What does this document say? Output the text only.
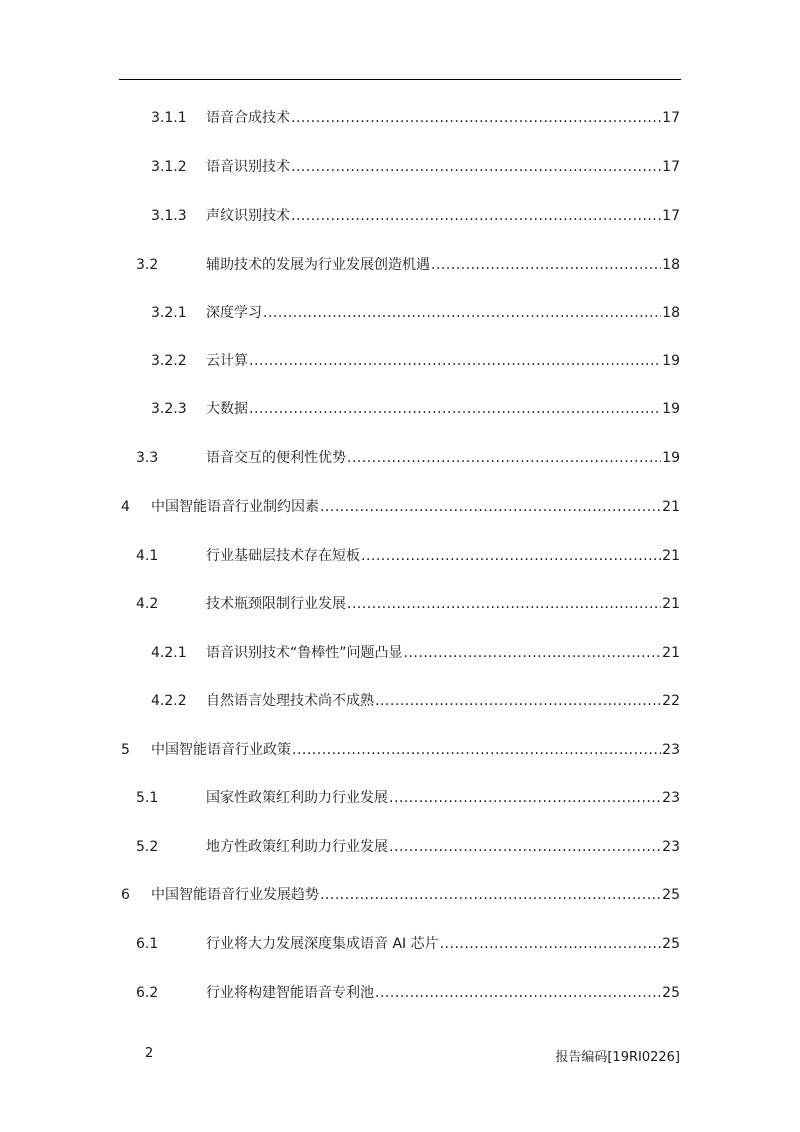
3.1.1 语音合成技术 .....	17
3.1.2 语音识别技术 .....	17
3.1.3 声纹识别技术 .....	17
3.2	辅助技术的发展为行业发展创造机遇 .....	18
3.2.1 深度学习 .....	18
3.2.2 云计算 .....	19
3.2.3 大数据 .....	19
3.3	语音交互的便利性优势 .....	19
4 中国智能语音行业制约因素 .....	21
4.1	行业基础层技术存在短板 .....	21
4.2	技术瓶颈限制行业发展 .....	21
4.2.1 语音识别技术“鲁棒性”问题凸显 .....	21
4.2.2 自然语言处理技术尚不成熟 .....	22
5 中国智能语音行业政策 .....	23
5.1	国家性政策红利助力行业发展 .....	23
5.2	地方性政策红利助力行业发展 .....	23
6 中国智能语音行业发展趋势 .....	25
6.1	行业将大力发展深度集成语音 AI 芯片 .....	25
6.2	行业将构建智能语音专利池 .....	25
2	报告编码[19RI0226]
